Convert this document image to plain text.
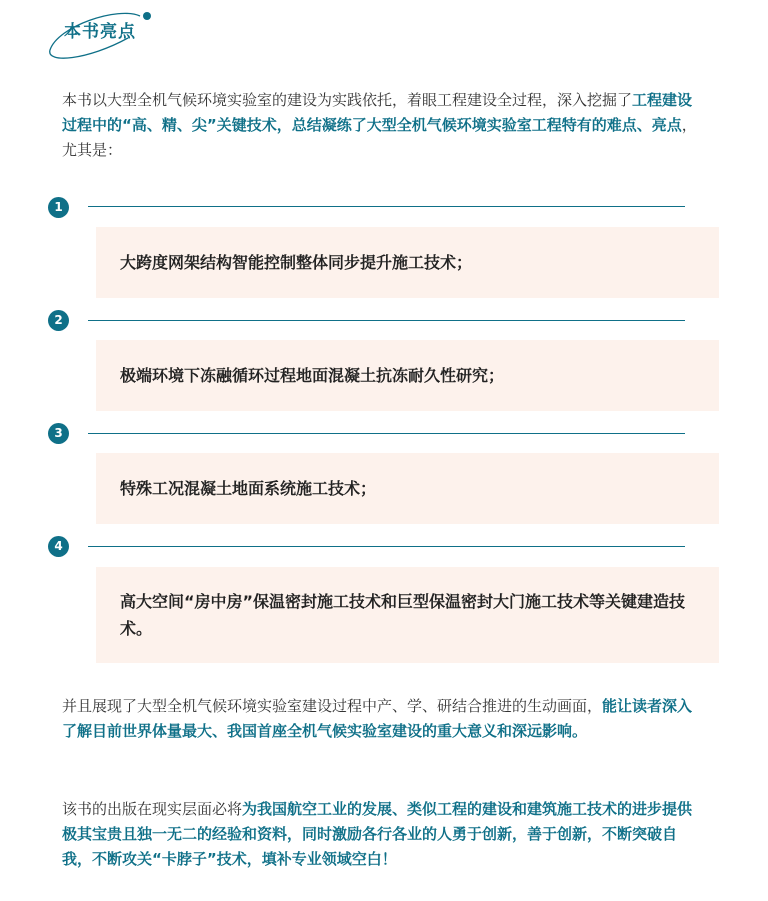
本书亮点
本书以大型全机气候环境实验室的建设为实践依托，着眼工程建设全过程，深入挖掘了工程建设过程中的“高、精、尖”关键技术，总结凝练了大型全机气候环境实验室工程特有的难点、亮点，尤其是：
1
大跨度网架结构智能控制整体同步提升施工技术；
2
极端环境下冻融循环过程地面混凝土抗冻耐久性研究；
3
特殊工况混凝土地面系统施工技术；
4
高大空间“房中房”保温密封施工技术和巨型保温密封大门施工技术等关键建造技术。
并且展现了大型全机气候环境实验室建设过程中产、学、研结合推进的生动画面，能让读者深入了解目前世界体量最大、我国首座全机气候实验室建设的重大意义和深远影响。
该书的出版在现实层面必将为我国航空工业的发展、类似工程的建设和建筑施工技术的进步提供极其宝贵且独一无二的经验和资料，同时激励各行各业的人勇于创新，善于创新，不断突破自我，不断攻关“卡脖子”技术，填补专业领域空白！
